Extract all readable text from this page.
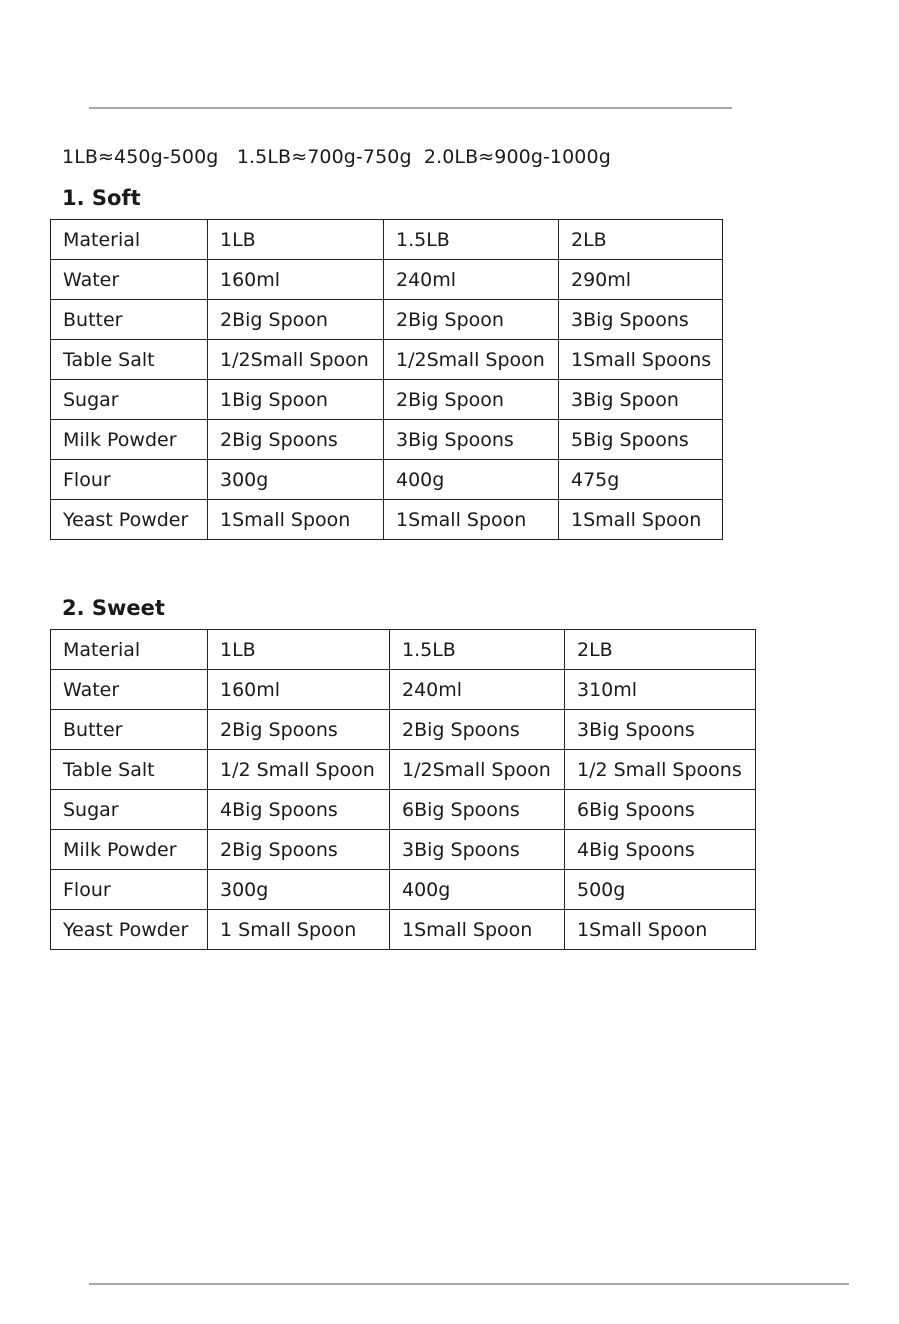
1LB≈450g-500g   1.5LB≈700g-750g  2.0LB≈900g-1000g
1. Soft
Material	1LB	1.5LB	2LB
Water	160ml	240ml	290ml
Butter	2Big Spoon	2Big Spoon	3Big Spoons
Table Salt	1/2Small Spoon	1/2Small Spoon	1Small Spoons
Sugar	1Big Spoon	2Big Spoon	3Big Spoon
Milk Powder	2Big Spoons	3Big Spoons	5Big Spoons
Flour	300g	400g	475g
Yeast Powder	1Small Spoon	1Small Spoon	1Small Spoon
2. Sweet
Material	1LB	1.5LB	2LB
Water	160ml	240ml	310ml
Butter	2Big Spoons	2Big Spoons	3Big Spoons
Table Salt	1/2 Small Spoon	1/2Small Spoon	1/2 Small Spoons
Sugar	4Big Spoons	6Big Spoons	6Big Spoons
Milk Powder	2Big Spoons	3Big Spoons	4Big Spoons
Flour	300g	400g	500g
Yeast Powder	1 Small Spoon	1Small Spoon	1Small Spoon
